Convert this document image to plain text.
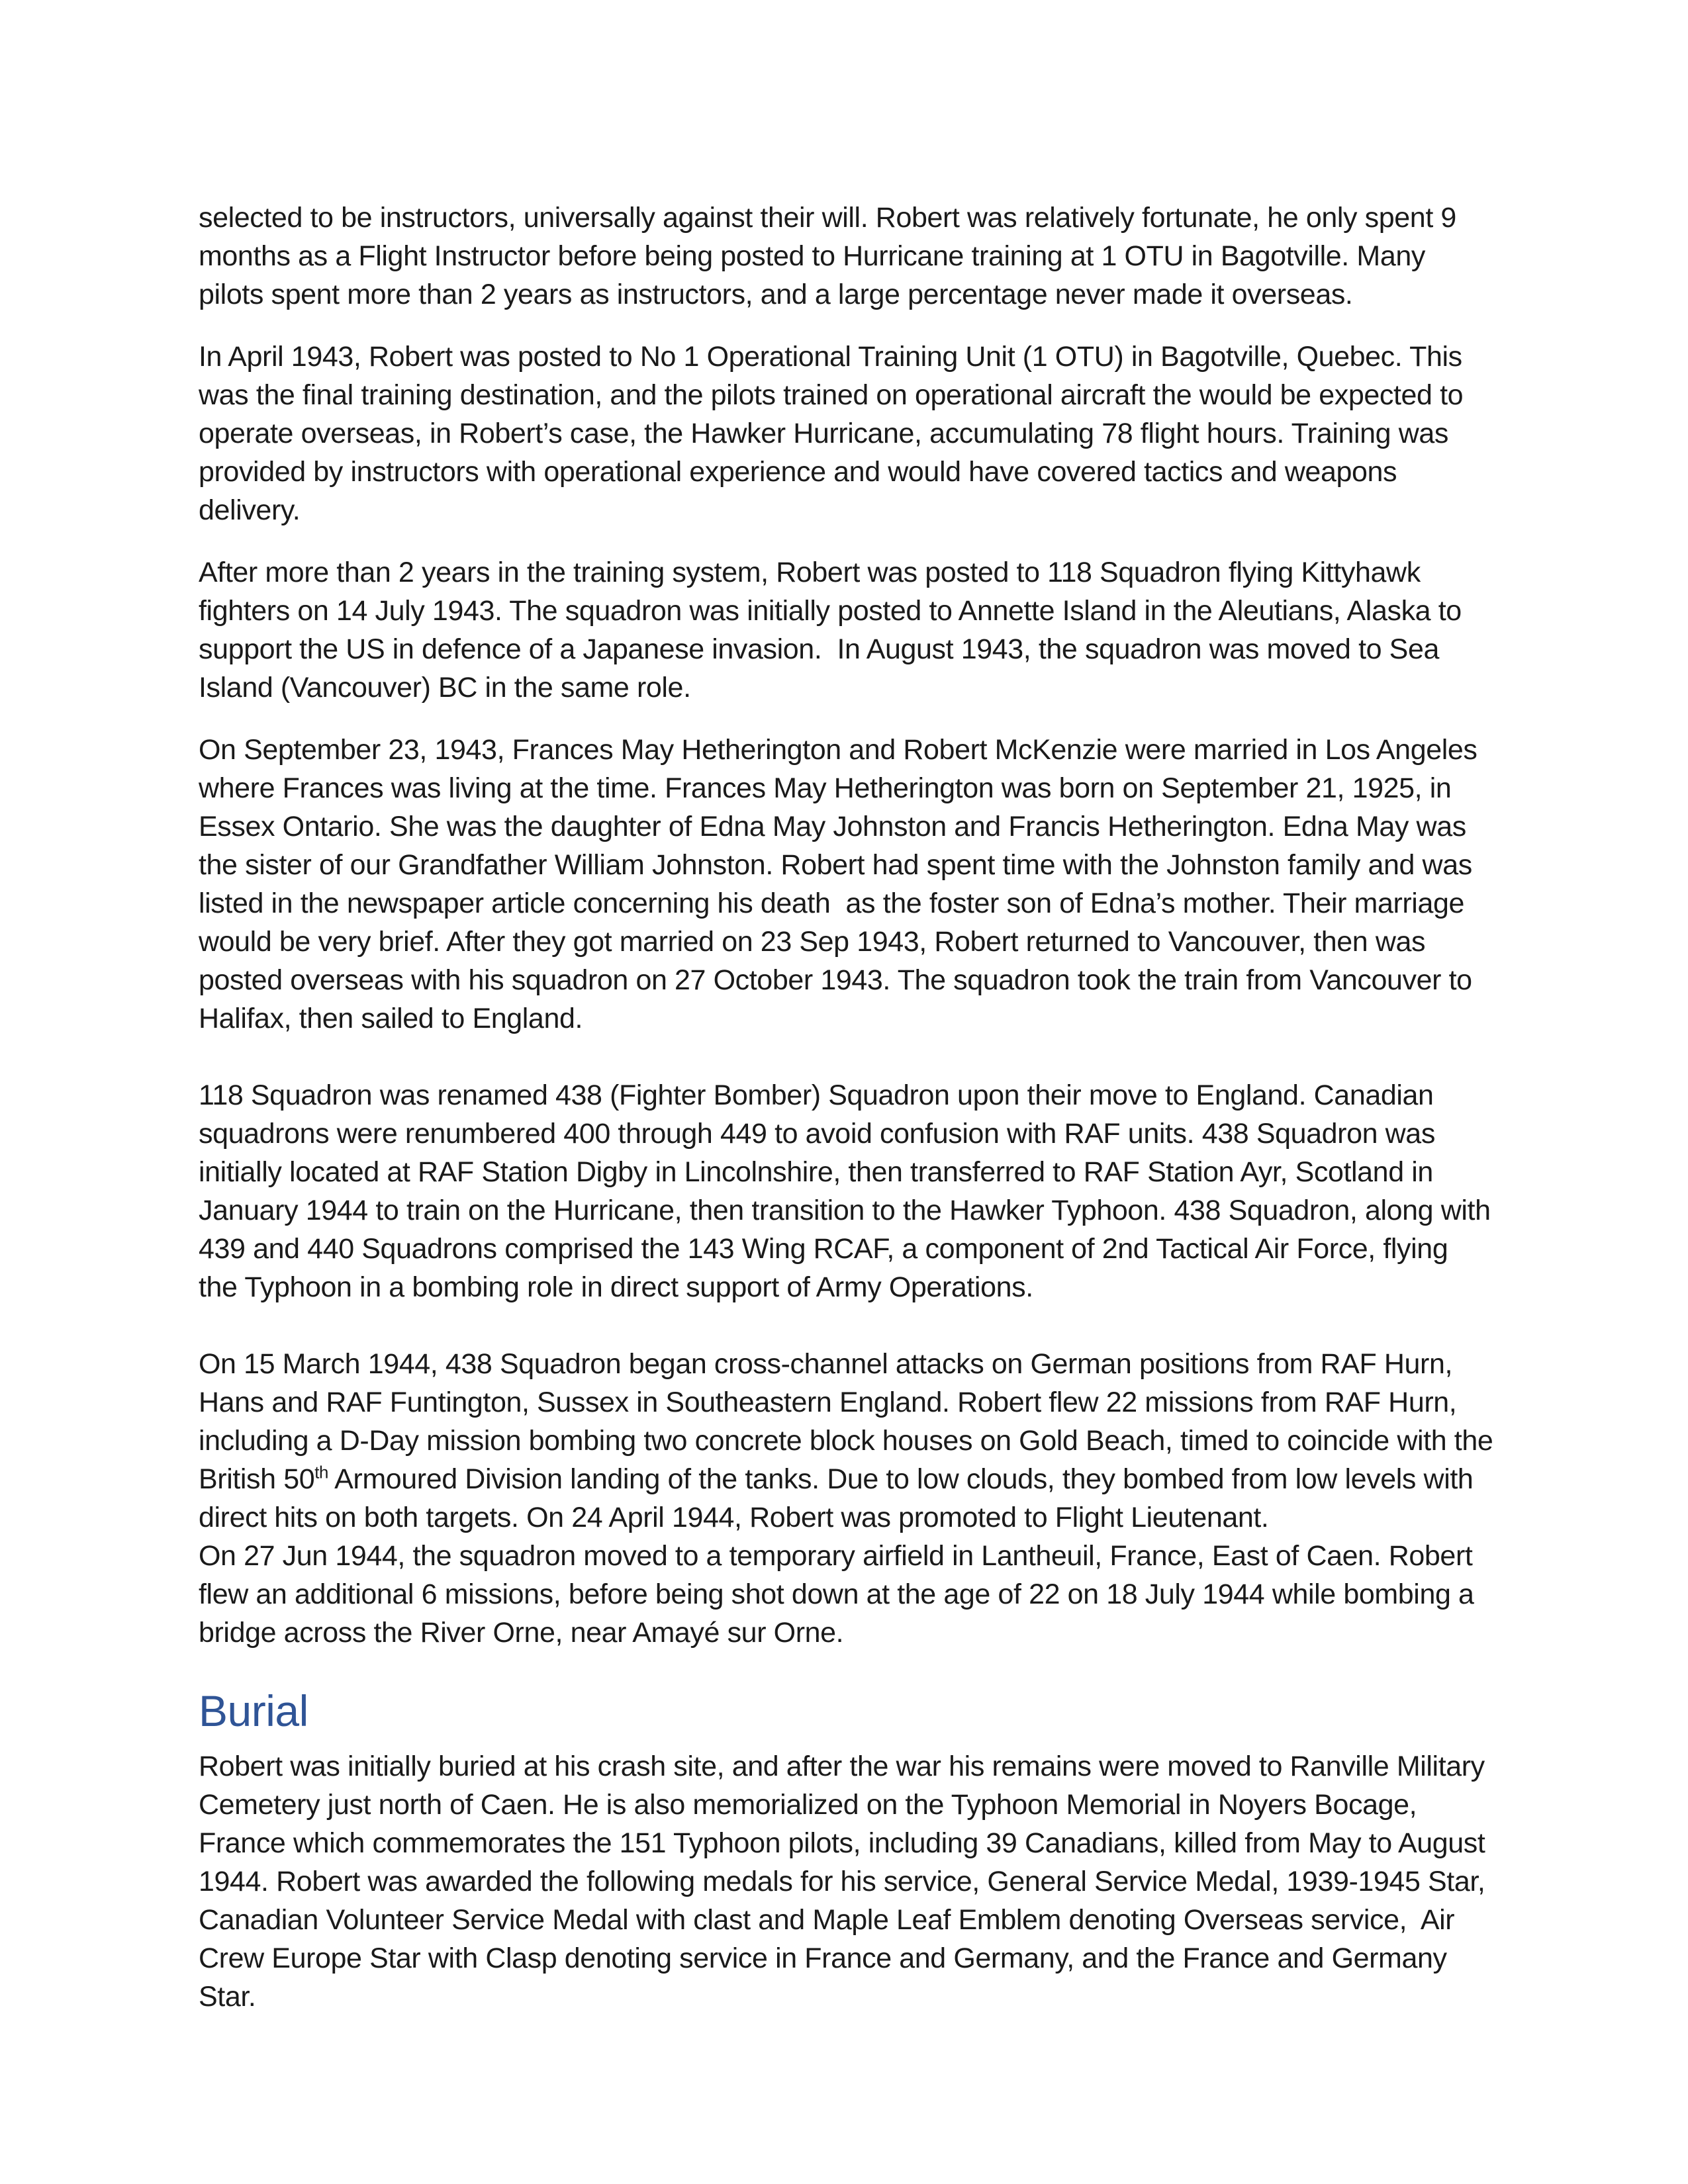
selected to be instructors, universally against their will. Robert was relatively fortunate, he only spent 9 months as a Flight Instructor before being posted to Hurricane training at 1 OTU in Bagotville. Many pilots spent more than 2 years as instructors, and a large percentage never made it overseas.

In April 1943, Robert was posted to No 1 Operational Training Unit (1 OTU) in Bagotville, Quebec. This was the final training destination, and the pilots trained on operational aircraft the would be expected to operate overseas, in Robert’s case, the Hawker Hurricane, accumulating 78 flight hours. Training was provided by instructors with operational experience and would have covered tactics and weapons delivery.

After more than 2 years in the training system, Robert was posted to 118 Squadron flying Kittyhawk fighters on 14 July 1943. The squadron was initially posted to Annette Island in the Aleutians, Alaska to support the US in defence of a Japanese invasion.  In August 1943, the squadron was moved to Sea Island (Vancouver) BC in the same role.

On September 23, 1943, Frances May Hetherington and Robert McKenzie were married in Los Angeles where Frances was living at the time. Frances May Hetherington was born on September 21, 1925, in Essex Ontario. She was the daughter of Edna May Johnston and Francis Hetherington. Edna May was the sister of our Grandfather William Johnston. Robert had spent time with the Johnston family and was listed in the newspaper article concerning his death  as the foster son of Edna’s mother. Their marriage would be very brief. After they got married on 23 Sep 1943, Robert returned to Vancouver, then was posted overseas with his squadron on 27 October 1943. The squadron took the train from Vancouver to Halifax, then sailed to England.

118 Squadron was renamed 438 (Fighter Bomber) Squadron upon their move to England. Canadian squadrons were renumbered 400 through 449 to avoid confusion with RAF units. 438 Squadron was initially located at RAF Station Digby in Lincolnshire, then transferred to RAF Station Ayr, Scotland in January 1944 to train on the Hurricane, then transition to the Hawker Typhoon. 438 Squadron, along with 439 and 440 Squadrons comprised the 143 Wing RCAF, a component of 2nd Tactical Air Force, flying the Typhoon in a bombing role in direct support of Army Operations.

On 15 March 1944, 438 Squadron began cross-channel attacks on German positions from RAF Hurn, Hans and RAF Funtington, Sussex in Southeastern England. Robert flew 22 missions from RAF Hurn, including a D-Day mission bombing two concrete block houses on Gold Beach, timed to coincide with the British 50th Armoured Division landing of the tanks. Due to low clouds, they bombed from low levels with direct hits on both targets. On 24 April 1944, Robert was promoted to Flight Lieutenant.
On 27 Jun 1944, the squadron moved to a temporary airfield in Lantheuil, France, East of Caen. Robert flew an additional 6 missions, before being shot down at the age of 22 on 18 July 1944 while bombing a bridge across the River Orne, near Amayé sur Orne.

Burial

Robert was initially buried at his crash site, and after the war his remains were moved to Ranville Military Cemetery just north of Caen. He is also memorialized on the Typhoon Memorial in Noyers Bocage, France which commemorates the 151 Typhoon pilots, including 39 Canadians, killed from May to August 1944. Robert was awarded the following medals for his service, General Service Medal, 1939-1945 Star, Canadian Volunteer Service Medal with clast and Maple Leaf Emblem denoting Overseas service,  Air Crew Europe Star with Clasp denoting service in France and Germany, and the France and Germany Star.
